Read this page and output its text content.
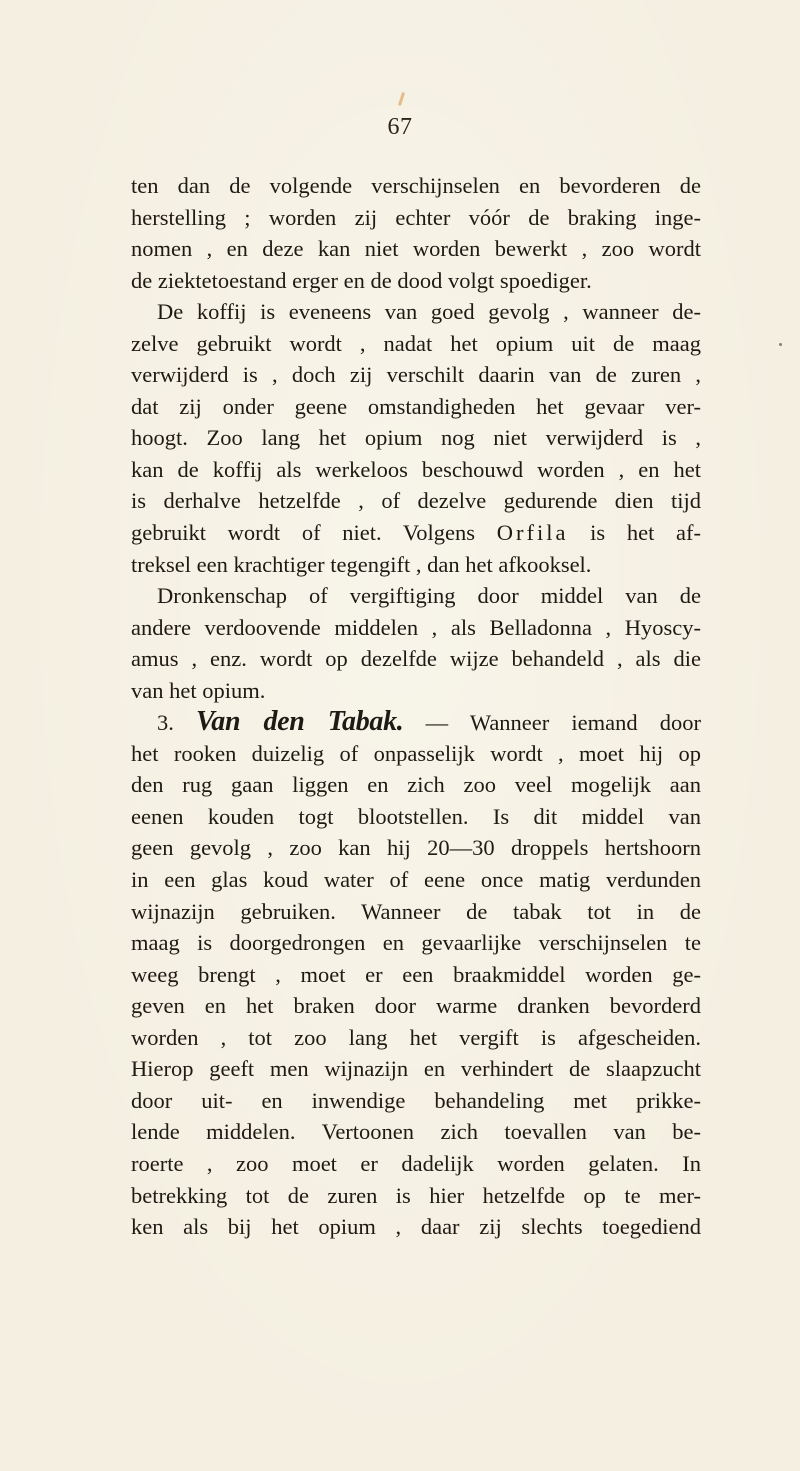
67
ten dan de volgende verschijnselen en bevorderen de
herstelling ; worden zij echter vóór de braking inge-
nomen , en deze kan niet worden bewerkt , zoo wordt
de ziektetoestand erger en de dood volgt spoediger.
De koffij is eveneens van goed gevolg , wanneer de-
zelve gebruikt wordt , nadat het opium uit de maag
verwijderd is , doch zij verschilt daarin van de zuren ,
dat zij onder geene omstandigheden het gevaar ver-
hoogt. Zoo lang het opium nog niet verwijderd is ,
kan de koffij als werkeloos beschouwd worden , en het
is derhalve hetzelfde , of dezelve gedurende dien tijd
gebruikt wordt of niet. Volgens Orfila is het af-
treksel een krachtiger tegengift , dan het afkooksel.
Dronkenschap of vergiftiging door middel van de
andere verdoovende middelen , als Belladonna , Hyoscy-
amus , enz. wordt op dezelfde wijze behandeld , als die
van het opium.
3. Van den Tabak. — Wanneer iemand door
het rooken duizelig of onpasselijk wordt , moet hij op
den rug gaan liggen en zich zoo veel mogelijk aan
eenen kouden togt blootstellen. Is dit middel van
geen gevolg , zoo kan hij 20—30 droppels hertshoorn
in een glas koud water of eene once matig verdunden
wijnazijn gebruiken. Wanneer de tabak tot in de
maag is doorgedrongen en gevaarlijke verschijnselen te
weeg brengt , moet er een braakmiddel worden ge-
geven en het braken door warme dranken bevorderd
worden , tot zoo lang het vergift is afgescheiden.
Hierop geeft men wijnazijn en verhindert de slaapzucht
door uit- en inwendige behandeling met prikke-
lende middelen. Vertoonen zich toevallen van be-
roerte , zoo moet er dadelijk worden gelaten. In
betrekking tot de zuren is hier hetzelfde op te mer-
ken als bij het opium , daar zij slechts toegediend
